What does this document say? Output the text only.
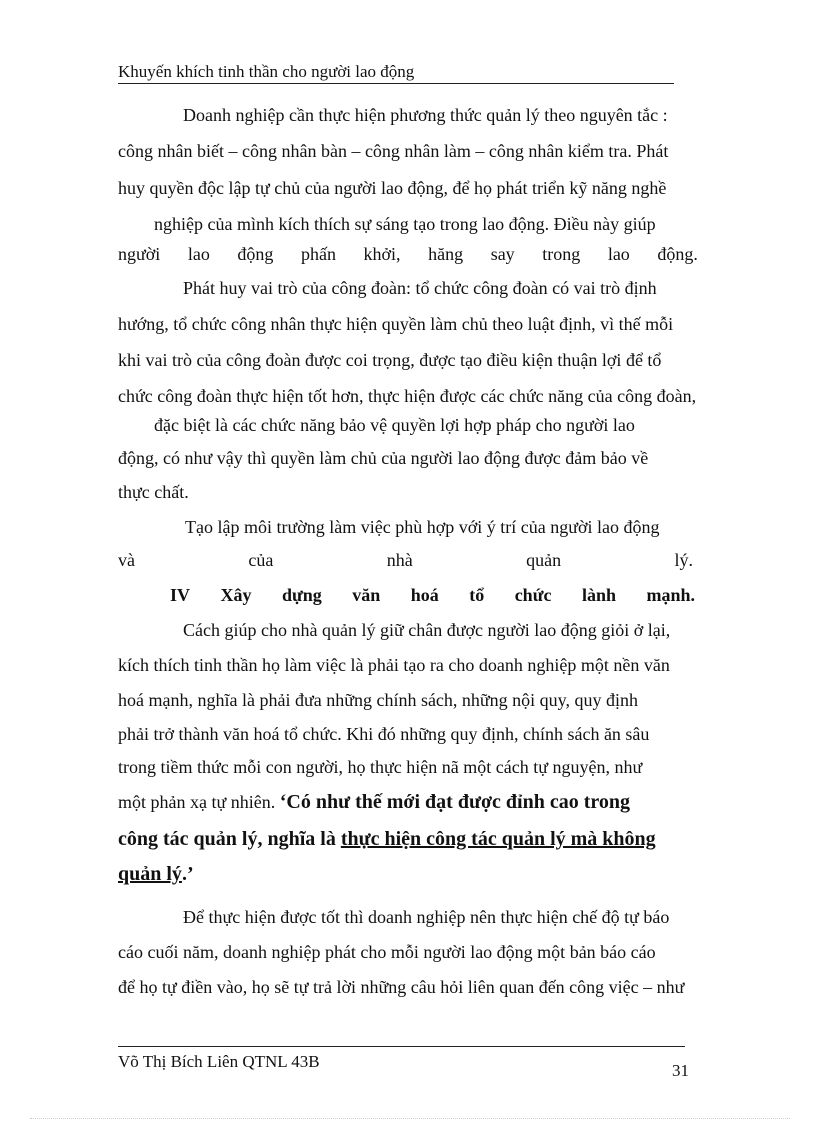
Khuyến khích tinh thần cho người lao động
Doanh nghiệp cần thực hiện phương thức quản lý theo nguyên tắc :
công nhân biết – công nhân bàn – công nhân làm – công nhân kiểm tra. Phát
huy quyền độc lập tự chủ của người lao động, để họ phát triển kỹ năng nghề
nghiệp của mình kích thích sự sáng tạo trong lao động. Điều này giúp
người lao động phấn khởi, hăng say trong lao động.
Phát huy vai trò của công đoàn: tổ chức công đoàn có vai trò định
hướng, tổ chức công nhân thực hiện quyền làm chủ theo luật định, vì thế mỗi
khi vai trò của công đoàn được coi trọng, được tạo điều kiện thuận lợi để tổ
chức công đoàn thực hiện tốt hơn, thực hiện được các chức năng của công đoàn,
đặc biệt là các chức năng bảo vệ quyền lợi hợp pháp cho người lao
động, có như vậy thì quyền làm chủ của người lao động được đảm bảo về
thực chất.
Tạo lập môi trường làm việc phù hợp với ý trí của người lao động
và	của	nhà	quản	lý.
IV Xây dựng văn hoá tổ chức lành mạnh.
Cách giúp cho nhà quản lý giữ chân được người lao động giỏi ở lại,
kích thích tinh thần họ làm việc là phải tạo ra cho doanh nghiệp một nền văn
hoá mạnh, nghĩa là phải đưa những chính sách, những nội quy, quy định
phải trở thành văn hoá tổ chức. Khi đó những quy định, chính sách ăn sâu
trong tiềm thức mỗi con người, họ thực hiện nã một cách tự nguyện, như
một phản xạ tự nhiên. ‘Có như thế mới đạt được đỉnh cao trong
công tác quản lý, nghĩa là thực hiện công tác quản lý mà không
quản lý.’
Để thực hiện được tốt thì doanh nghiệp nên thực hiện chế độ tự báo
cáo cuối năm, doanh nghiệp phát cho mỗi người lao động một bản báo cáo
để họ tự điền vào, họ sẽ tự trả lời những câu hỏi liên quan đến công việc – như
Võ Thị Bích Liên QTNL 43B	31
